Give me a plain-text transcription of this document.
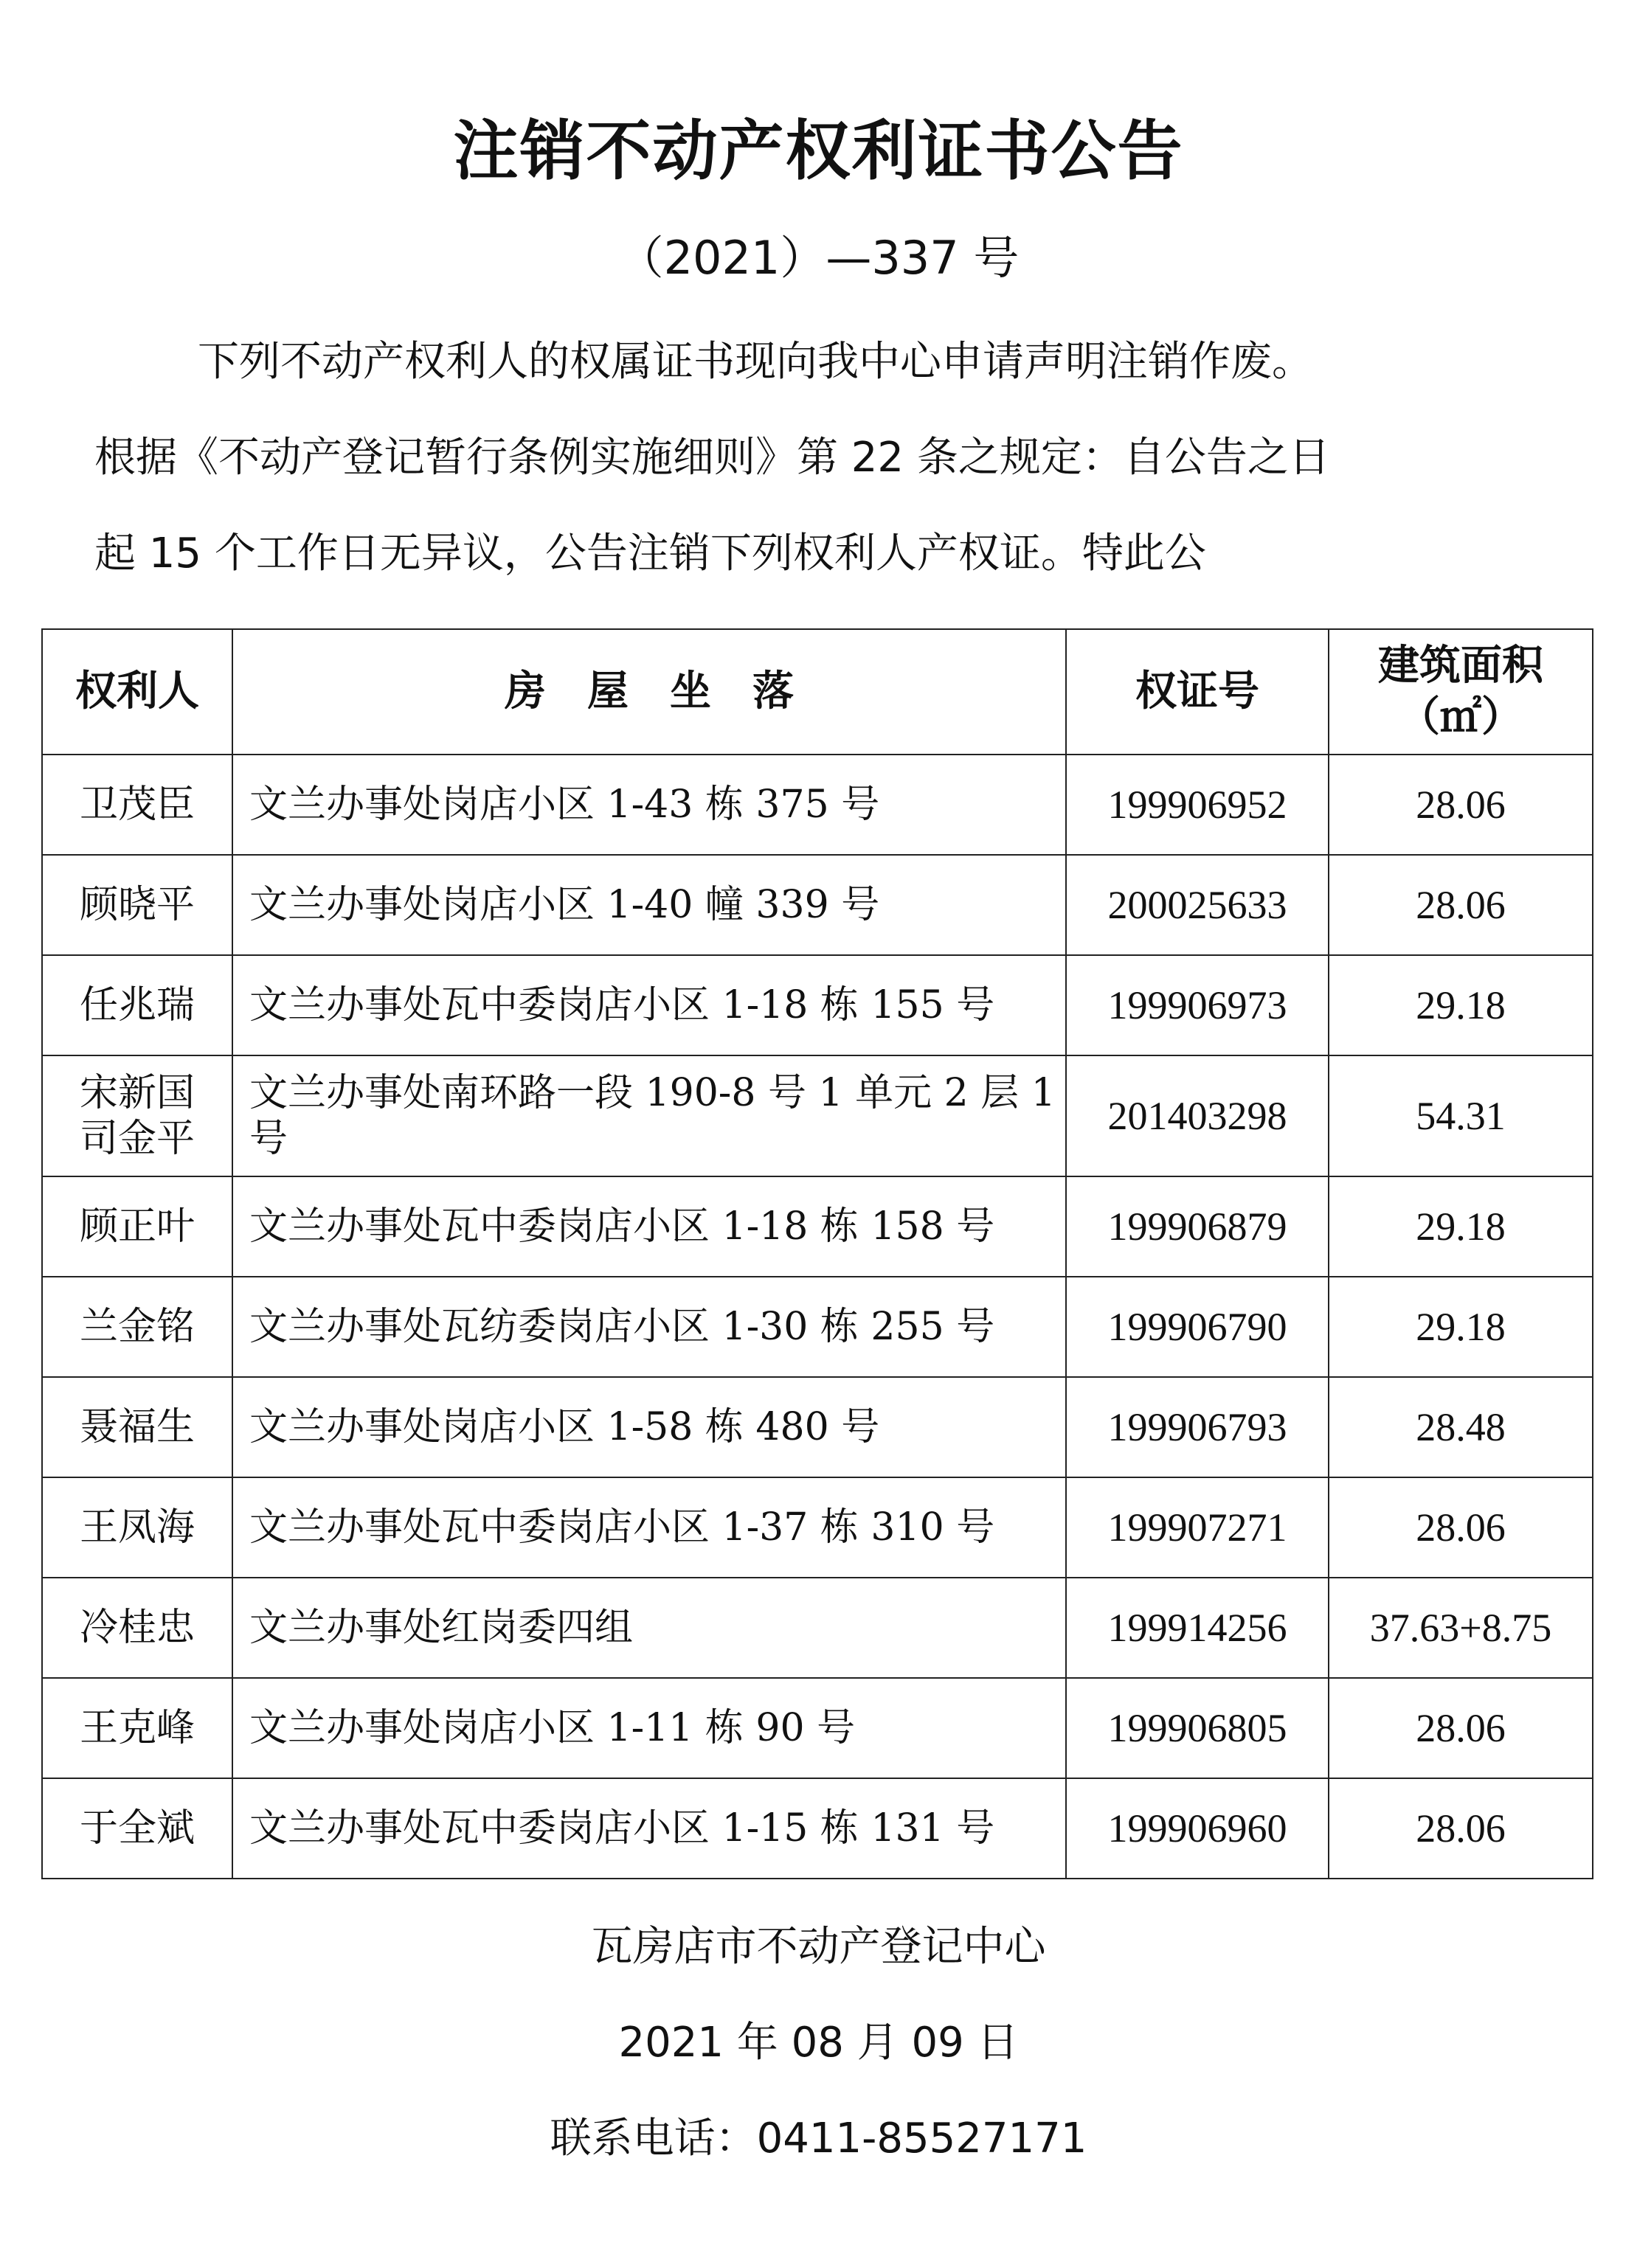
注销不动产权利证书公告
（2021）—337 号
下列不动产权利人的权属证书现向我中心申请声明注销作废。
根据《不动产登记暂行条例实施细则》第 22 条之规定：自公告之日
起 15 个工作日无异议，公告注销下列权利人产权证。特此公
权利人	房　屋　坐　落	权证号	建筑面积
（㎡）

卫茂臣	文兰办事处岗店小区 1-43 栋 375 号	199906952	28.06
顾晓平	文兰办事处岗店小区 1-40 幢 339 号	200025633	28.06
任兆瑞	文兰办事处瓦中委岗店小区 1-18 栋 155 号	199906973	29.18

宋新国
司金平	文兰办事处南环路一段 190-8 号 1 单元 2 层 1 号	201403298	54.31
顾正叶	文兰办事处瓦中委岗店小区 1-18 栋 158 号	199906879	29.18
兰金铭	文兰办事处瓦纺委岗店小区 1-30 栋 255 号	199906790	29.18
聂福生	文兰办事处岗店小区 1-58 栋 480 号	199906793	28.48
王凤海	文兰办事处瓦中委岗店小区 1-37 栋 310 号	199907271	28.06
冷桂忠	文兰办事处红岗委四组	199914256	37.63+8.75
王克峰	文兰办事处岗店小区 1-11 栋 90 号	199906805	28.06
于全斌	文兰办事处瓦中委岗店小区 1-15 栋 131 号	199906960	28.06
瓦房店市不动产登记中心
2021 年 08 月 09 日
联系电话：0411-85527171
